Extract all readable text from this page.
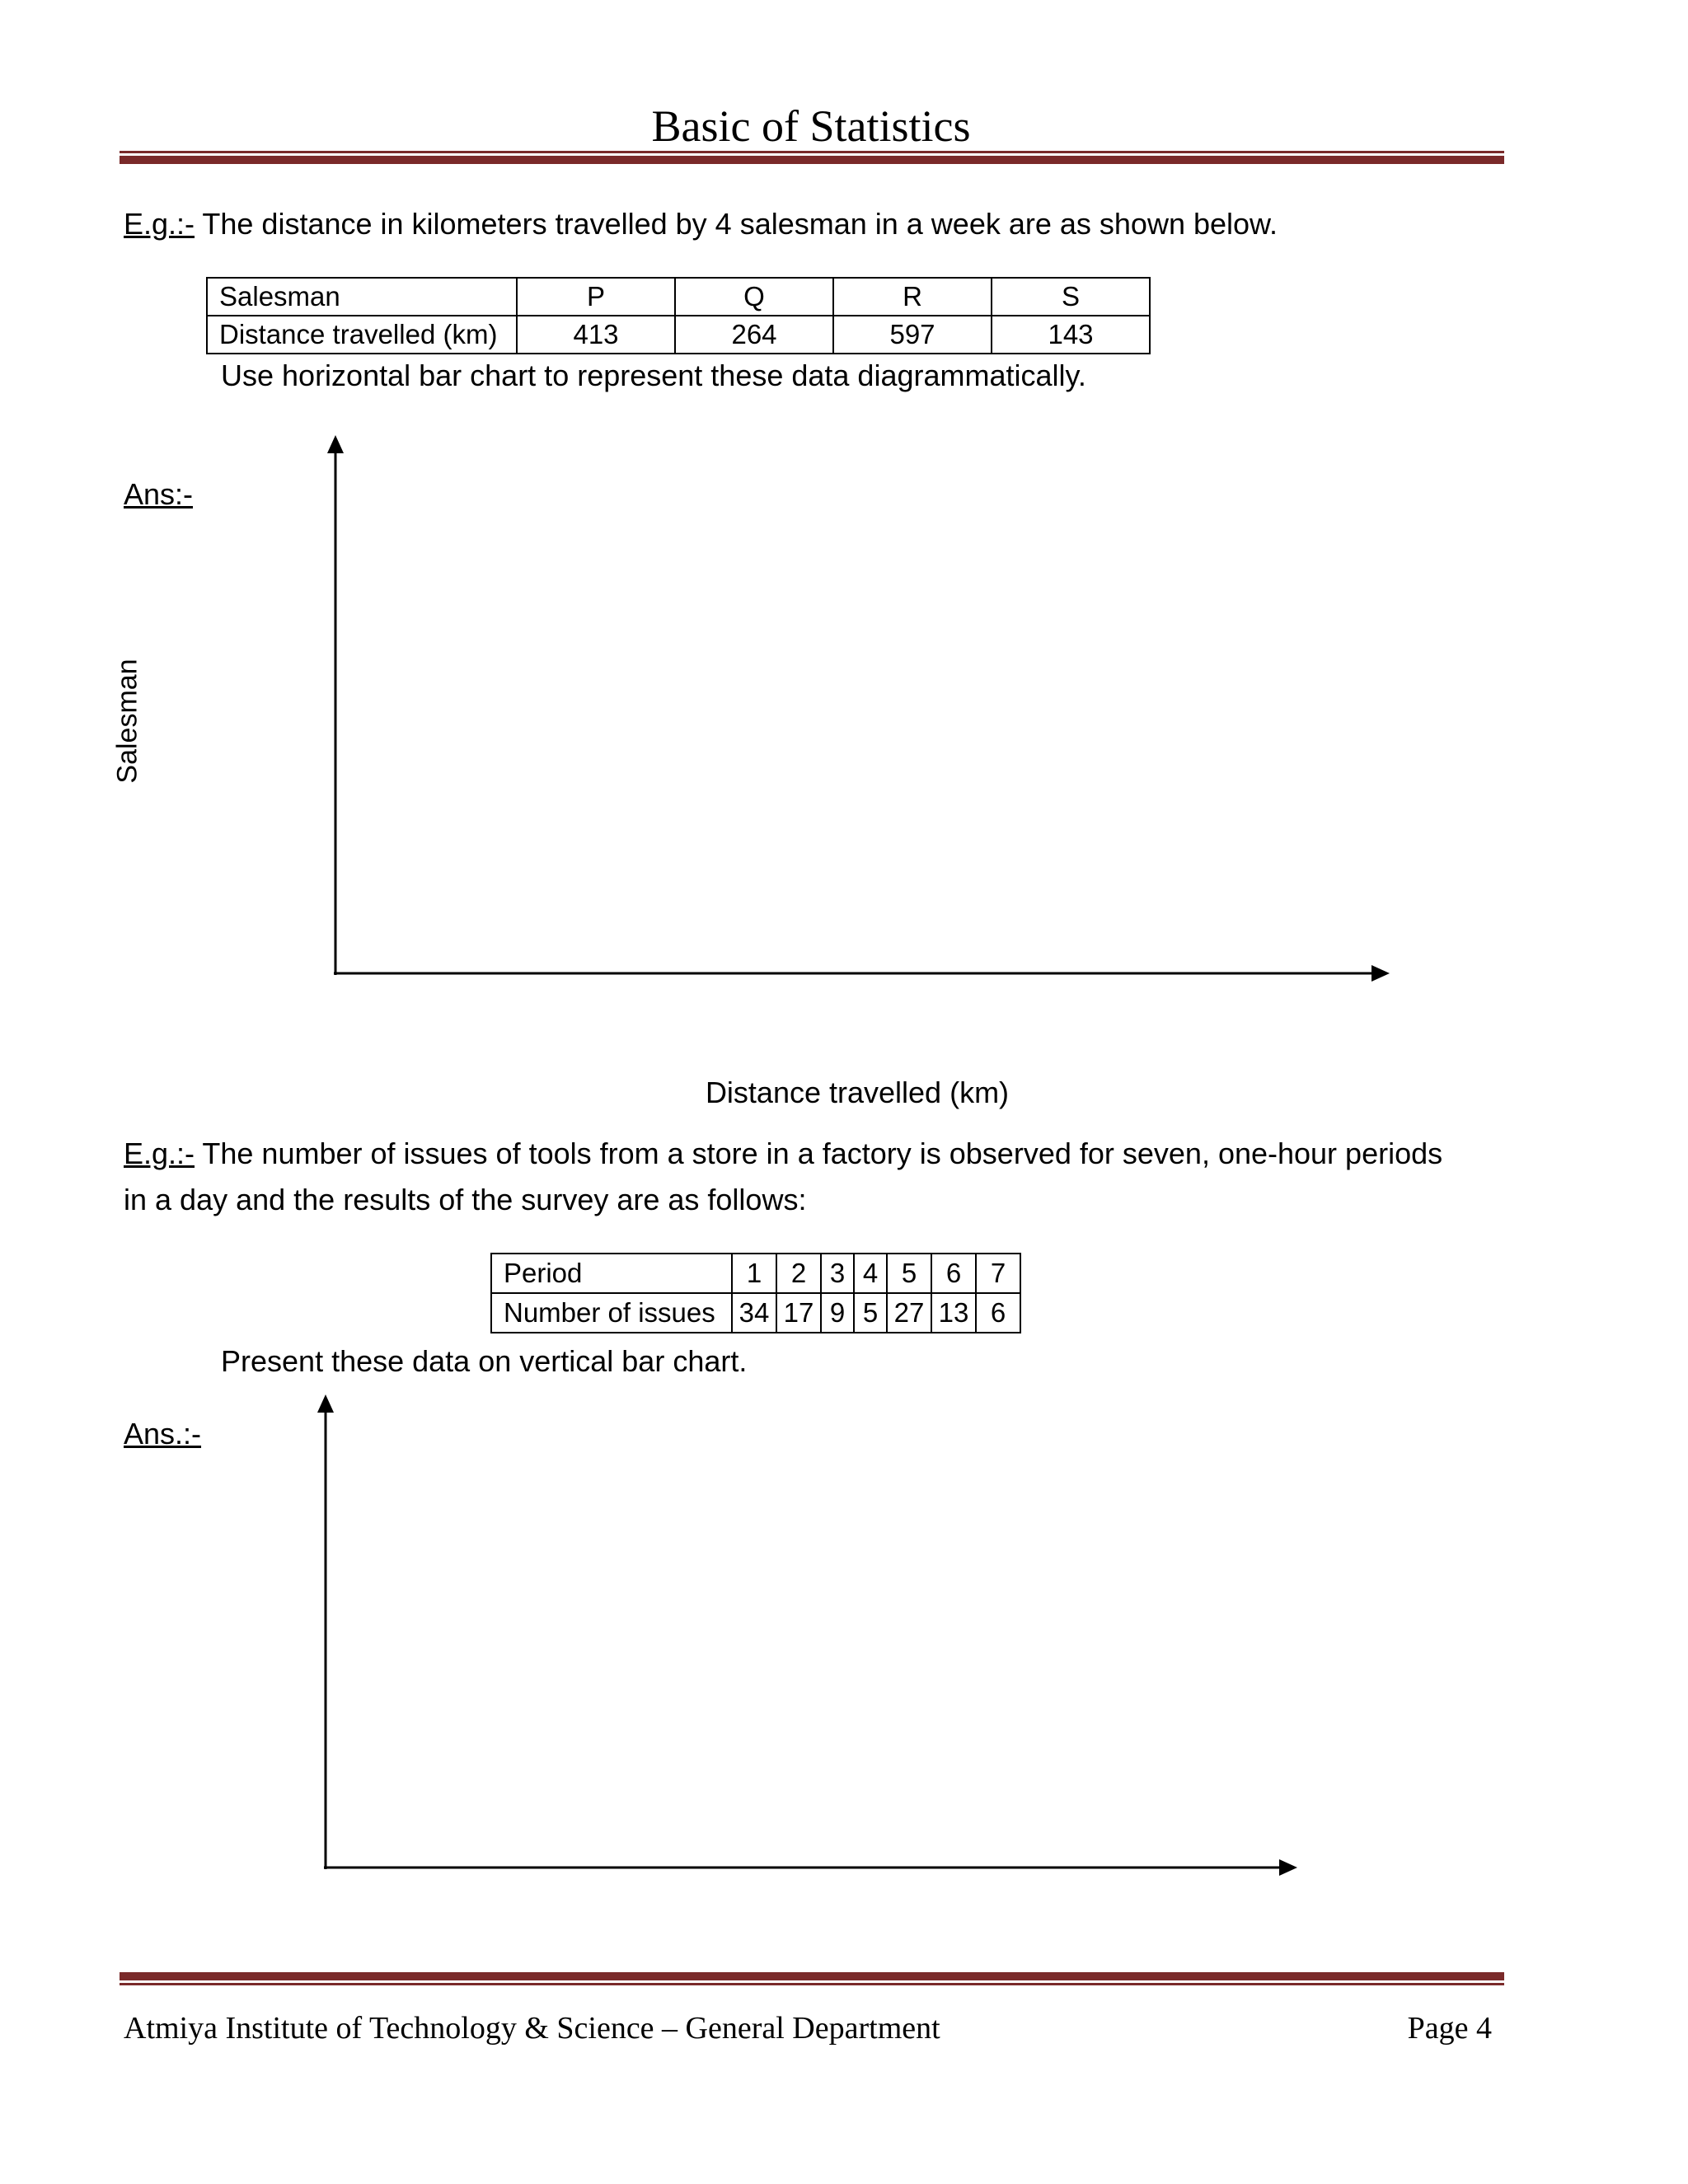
Basic of Statistics
E.g.:- The distance in kilometers travelled by 4 salesman in a week are as shown below.
Salesman	P	Q	R	S
Distance travelled (km)	413	264	597	143
Use horizontal bar chart to represent these data diagrammatically.
Ans:-
Salesman
Distance travelled (km)
E.g.:- The number of issues of tools from a store in a factory is observed for seven, one-hour periods
in a day and the results of the survey are as follows:
Period	1	2	3	4	5	6	7
Number of issues	34	17	9	5	27	13	6
Present these data on vertical bar chart.
Ans.:-
Atmiya Institute of Technology & Science – General Department	Page 4
